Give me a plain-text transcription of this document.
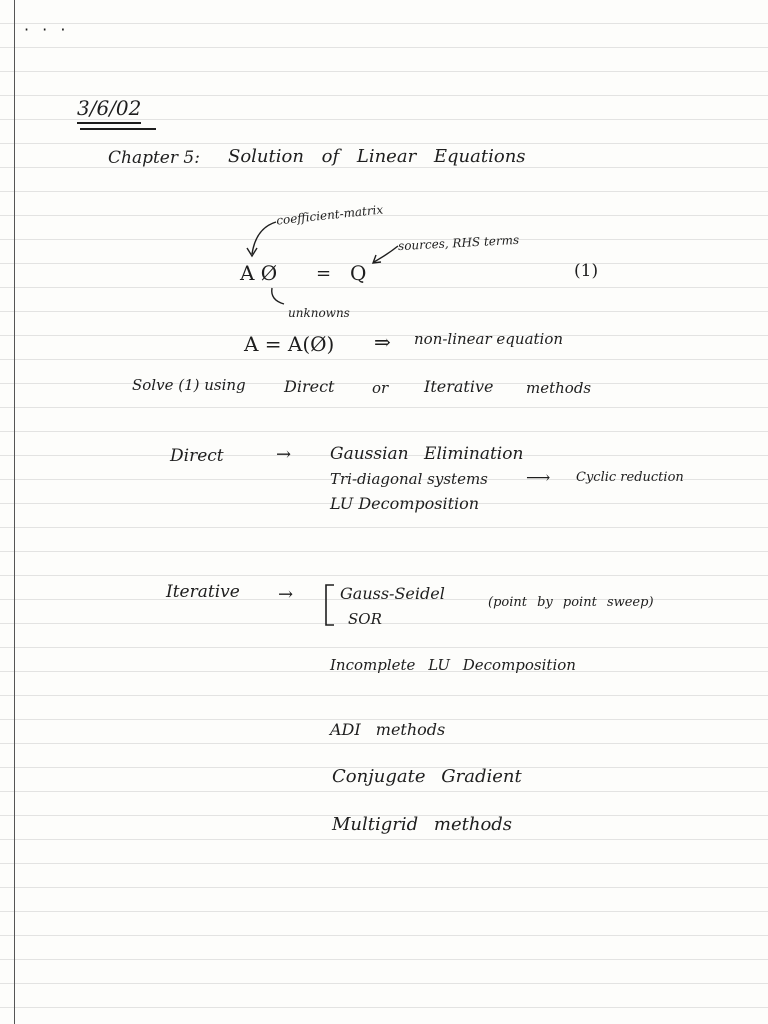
· · ·
3/6/02
Chapter 5: Solution of Linear Equations
coefficient-matrix
sources, RHS terms
A Ø = Q	(1)
unknowns
A = A(Ø) ⇒ non-linear equation
Solve (1) using Direct	or Iterative methods
Direct	→ Gaussian Elimination
Tri-diagonal systems ⟶ Cyclic reduction
LU Decomposition
Iterative →	Gauss-Seidel
SOR
(point by point sweep)
Incomplete LU Decomposition
ADI methods
Conjugate Gradient
Multigrid methods
